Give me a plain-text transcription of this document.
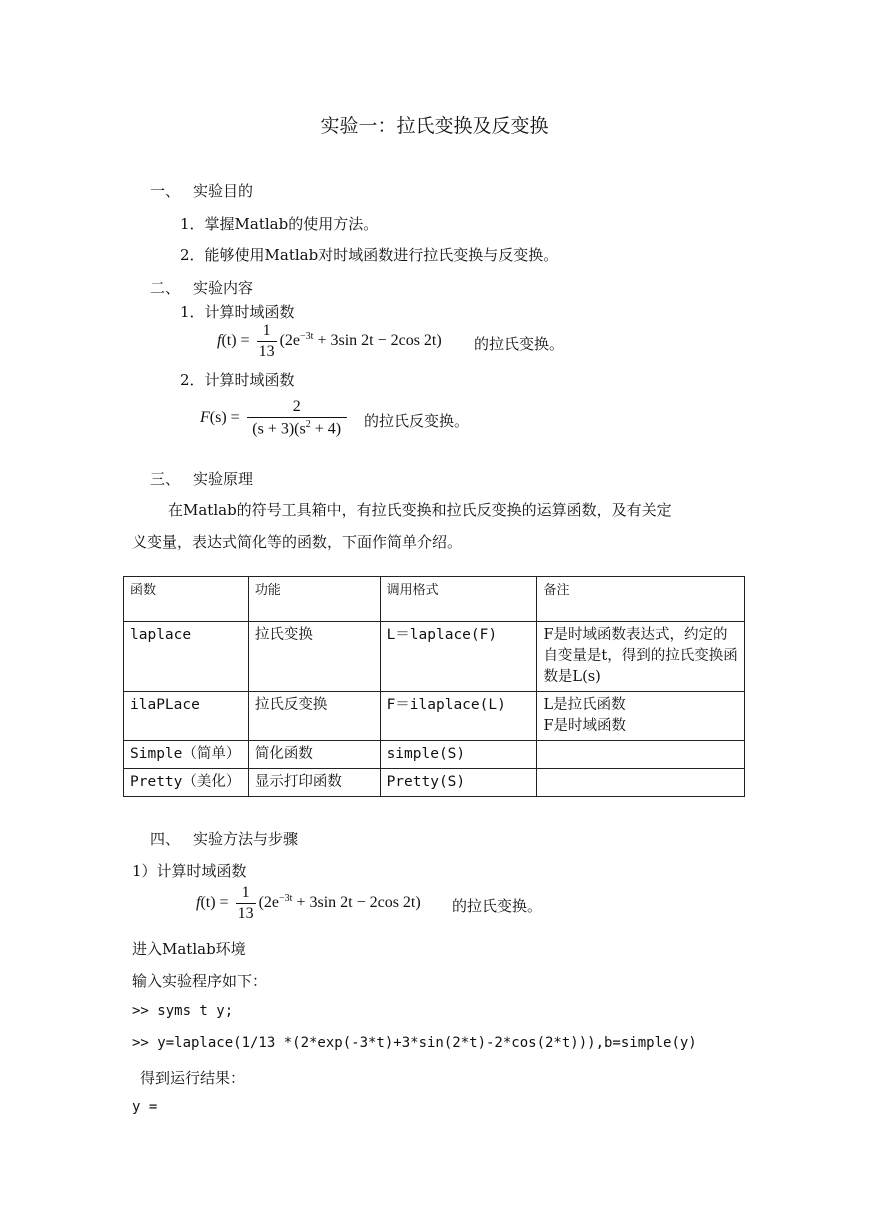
实验一：拉氏变换及反变换
一、 实验目的
1．掌握Matlab的使用方法。
2．能够使用Matlab对时域函数进行拉氏变换与反变换。
二、 实验内容
1．计算时域函数
$f(t) = \frac{1}{13} (2e^{-3t} + 3\sin$ 2t − 2cos 2t) 的拉氏变换。
2．计算时域函数
$F(s) = \frac{2}{(s + 3)(s^2 + 4)}$ 的拉氏反变换。
三、 实验原理
在Matlab的符号工具箱中，有拉氏变换和拉氏反变换的运算函数，及有关定
义变量，表达式简化等的函数，下面作简单介绍。
函数	功能	调用格式	备注
laplace	拉氏变换	L＝laplace(F)	F是时域函数表达式，约定的自变量是t，得到的拉氏变换函数是L(s)
ilaPLace	拉氏反变换	F＝ilaplace(L)	L是拉氏函数
F是时域函数
Simple（简单）	简化函数	simple(S)	
Pretty（美化）	显示打印函数	Pretty(S)	
四、 实验方法与步骤
1）计算时域函数
$f(t) = \frac{1}{13} (2e^{-3t} + 3\sin$ 2t − 2cos 2t) 的拉氏变换。
进入Matlab环境
输入实验程序如下：
>> syms t y;
>> y=laplace(1/13 *(2*exp(-3*t)+3*sin(2*t)-2*cos(2*t))),b=simple(y)
得到运行结果：
y =
